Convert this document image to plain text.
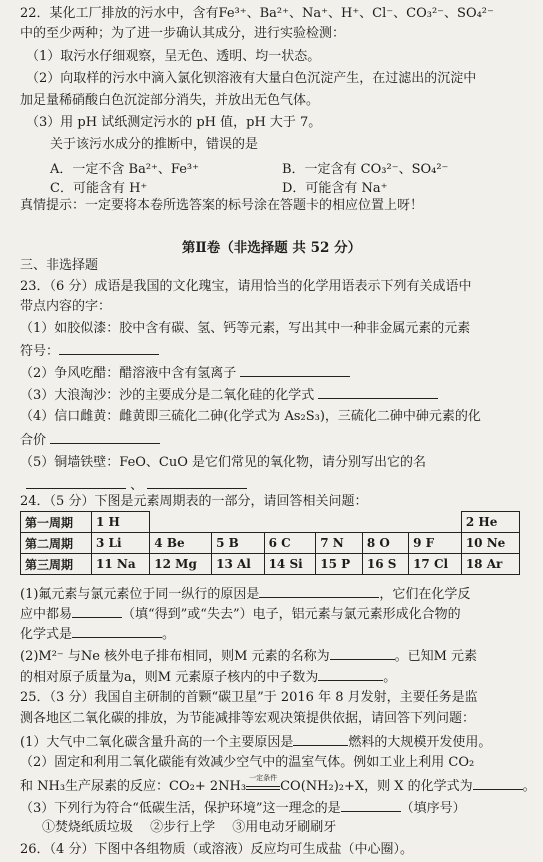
22．某化工厂排放的污水中，含有Fe³⁺、Ba²⁺、Na⁺、H⁺、Cl⁻、CO₃²⁻、SO₄²⁻
中的至少两种；为了进一步确认其成分，进行实验检测：
（1）取污水仔细观察，呈无色、透明、均一状态。
（2）向取样的污水中滴入氯化钡溶液有大量白色沉淀产生，在过滤出的沉淀中
加足量稀硝酸白色沉淀部分消失，并放出无色气体。
（3）用 pH 试纸测定污水的 pH 值，pH 大于 7。
关于该污水成分的推断中，错误的是
A．一定不含 Ba²⁺、Fe³⁺	B．一定含有 CO₃²⁻、SO₄²⁻
C．可能含有 H⁺	D．可能含有 Na⁺
真情提示：一定要将本卷所选答案的标号涂在答题卡的相应位置上呀！
第Ⅱ卷（非选择题 共 52 分）
三、非选择题
23．（6 分）成语是我国的文化瑰宝，请用恰当的化学用语表示下列有关成语中
带点内容的字：
（1）如胶似漆：胶中含有碳、氢、钙等元素，写出其中一种非金属元素的元素
符号：
（2）争风吃醋：醋溶液中含有氢离子
（3）大浪淘沙：沙的主要成分是二氧化硅的化学式
（4）信口雌黄：雌黄即三硫化二砷(化学式为 As₂S₃)，三硫化二砷中砷元素的化
合价
（5）铜墙铁壁：FeO、CuO 是它们常见的氧化物，请分别写出它的名
、
24．（5 分）下图是元素周期表的一部分，请回答相关问题：
第一周期	1 H							2 He
第二周期	3 Li	4 Be	5 B	6 C	7 N	8 O	9 F	10 Ne
第三周期	11 Na	12 Mg	13 Al	14 Si	15 P	16 S	17 Cl	18 Ar
(1)氟元素与氯元素位于同一纵行的原因是	，它们在化学反
应中都易	（填“得到”或“失去”）电子，铝元素与氯元素形成化合物的
化学式是	。
(2)M²⁻ 与Ne 核外电子排布相同，则M 元素的名称为	。已知M 元素
的相对原子质量为a，则M 元素原子核内的中子数为	。
25．（3 分）我国自主研制的首颗“碳卫星”于 2016 年 8 月发射，主要任务是监
测各地区二氧化碳的排放，为节能减排等宏观决策提供依据，请回答下列问题：
(1）大气中二氧化碳含量升高的一个主要原因是	燃料的大规模开发使用。
（2）固定和利用二氧化碳能有效减少空气中的温室气体。例如工业上利用 CO₂
和 NH₃生产尿素的反应：CO₂+ 2NH₃
一定条件
CO(NH₂)₂+X，则 X 的化学式为	。
（3）下列行为符合“低碳生活，保护环境”这一理念的是	（填序号）
①焚烧纸质垃圾　 ②步行上学　 ③用电动牙刷刷牙
26．（4 分）下图中各组物质（或溶液）反应均可生成盐（中心圈）。
